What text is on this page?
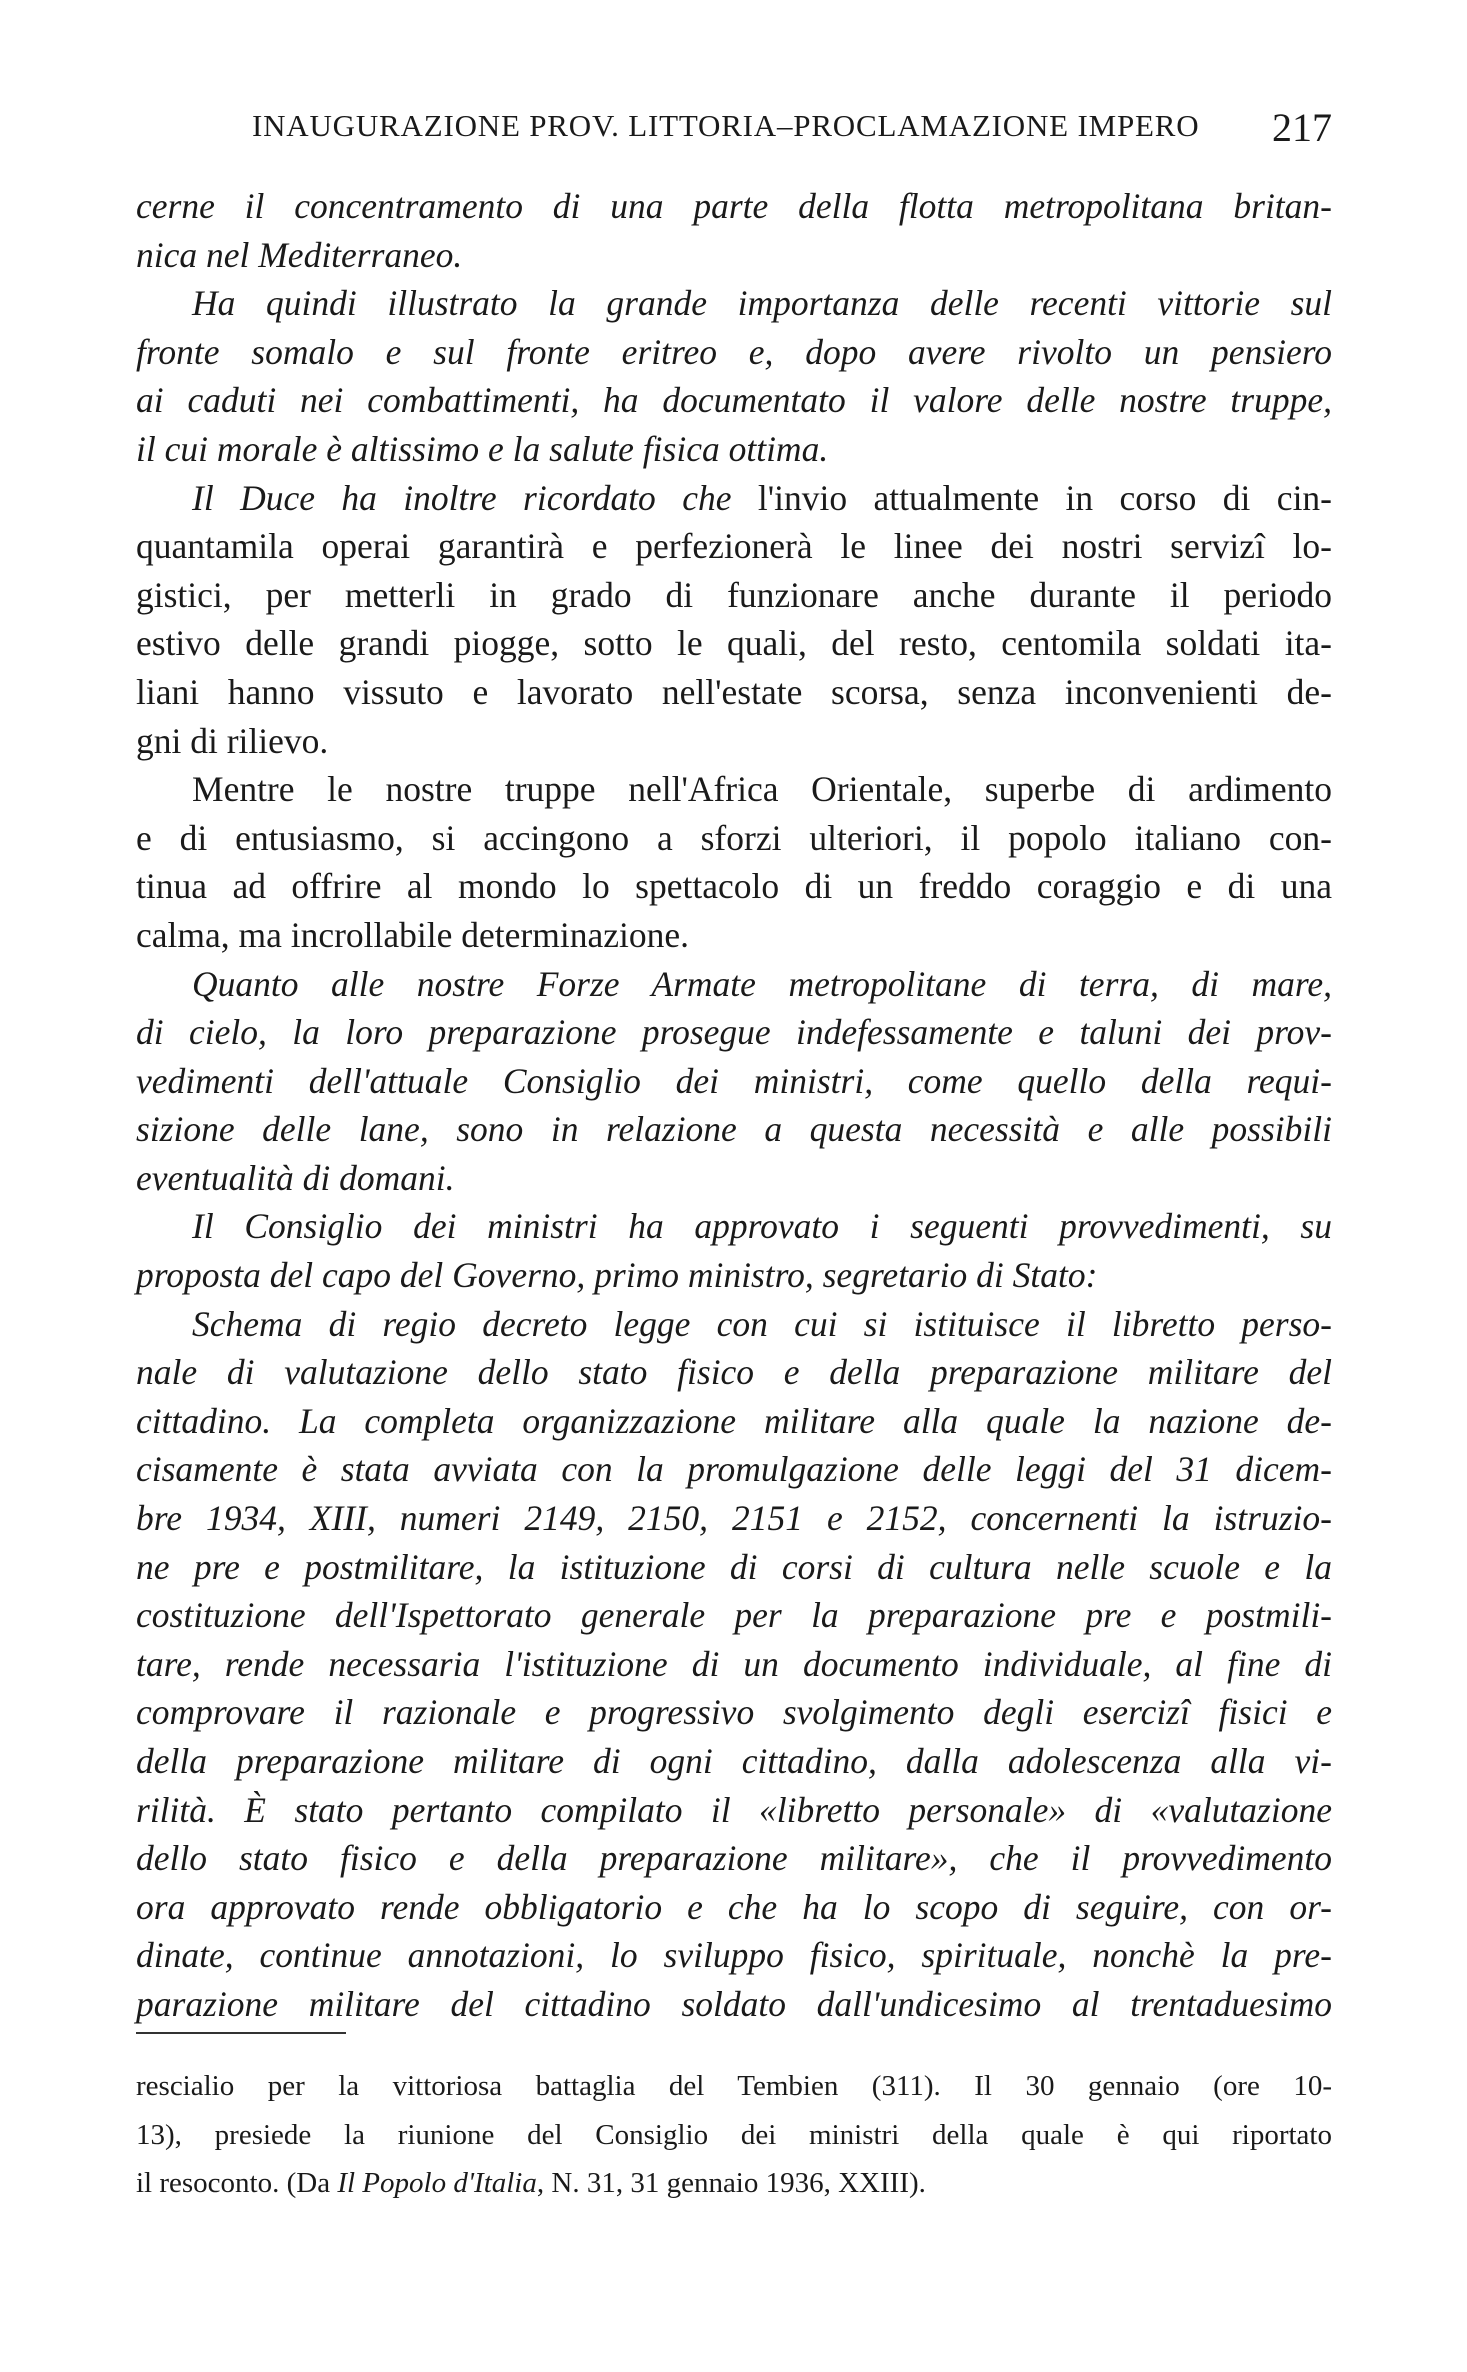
INAUGURAZIONE PROV. LITTORIA–PROCLAMAZIONE IMPERO 217
cerne il concentramento di una parte della flotta metropolitana britan-
nica nel Mediterraneo.
Ha quindi illustrato la grande importanza delle recenti vittorie sul
fronte somalo e sul fronte eritreo e, dopo avere rivolto un pensiero
ai caduti nei combattimenti, ha documentato il valore delle nostre truppe,
il cui morale è altissimo e la salute fisica ottima.
Il Duce ha inoltre ricordato che l'invio attualmente in corso di cin-
quantamila operai garantirà e perfezionerà le linee dei nostri servizî lo-
gistici, per metterli in grado di funzionare anche durante il periodo
estivo delle grandi piogge, sotto le quali, del resto, centomila soldati ita-
liani hanno vissuto e lavorato nell'estate scorsa, senza inconvenienti de-
gni di rilievo.
Mentre le nostre truppe nell'Africa Orientale, superbe di ardimento
e di entusiasmo, si accingono a sforzi ulteriori, il popolo italiano con-
tinua ad offrire al mondo lo spettacolo di un freddo coraggio e di una
calma, ma incrollabile determinazione.
Quanto alle nostre Forze Armate metropolitane di terra, di mare,
di cielo, la loro preparazione prosegue indefessamente e taluni dei prov-
vedimenti dell'attuale Consiglio dei ministri, come quello della requi-
sizione delle lane, sono in relazione a questa necessità e alle possibili
eventualità di domani.
Il Consiglio dei ministri ha approvato i seguenti provvedimenti, su
proposta del capo del Governo, primo ministro, segretario di Stato:
Schema di regio decreto legge con cui si istituisce il libretto perso-
nale di valutazione dello stato fisico e della preparazione militare del
cittadino. La completa organizzazione militare alla quale la nazione de-
cisamente è stata avviata con la promulgazione delle leggi del 31 dicem-
bre 1934, XIII, numeri 2149, 2150, 2151 e 2152, concernenti la istruzio-
ne pre e postmilitare, la istituzione di corsi di cultura nelle scuole e la
costituzione dell'Ispettorato generale per la preparazione pre e postmili-
tare, rende necessaria l'istituzione di un documento individuale, al fine di
comprovare il razionale e progressivo svolgimento degli esercizî fisici e
della preparazione militare di ogni cittadino, dalla adolescenza alla vi-
rilità. È stato pertanto compilato il «libretto personale» di «valutazione
dello stato fisico e della preparazione militare», che il provvedimento
ora approvato rende obbligatorio e che ha lo scopo di seguire, con or-
dinate, continue annotazioni, lo sviluppo fisico, spirituale, nonchè la pre-
parazione militare del cittadino soldato dall'undicesimo al trentaduesimo
rescialio per la vittoriosa battaglia del Tembien (311). Il 30 gennaio (ore 10-
13), presiede la riunione del Consiglio dei ministri della quale è qui riportato
il resoconto. (Da Il Popolo d'Italia, N. 31, 31 gennaio 1936, XXIII).
